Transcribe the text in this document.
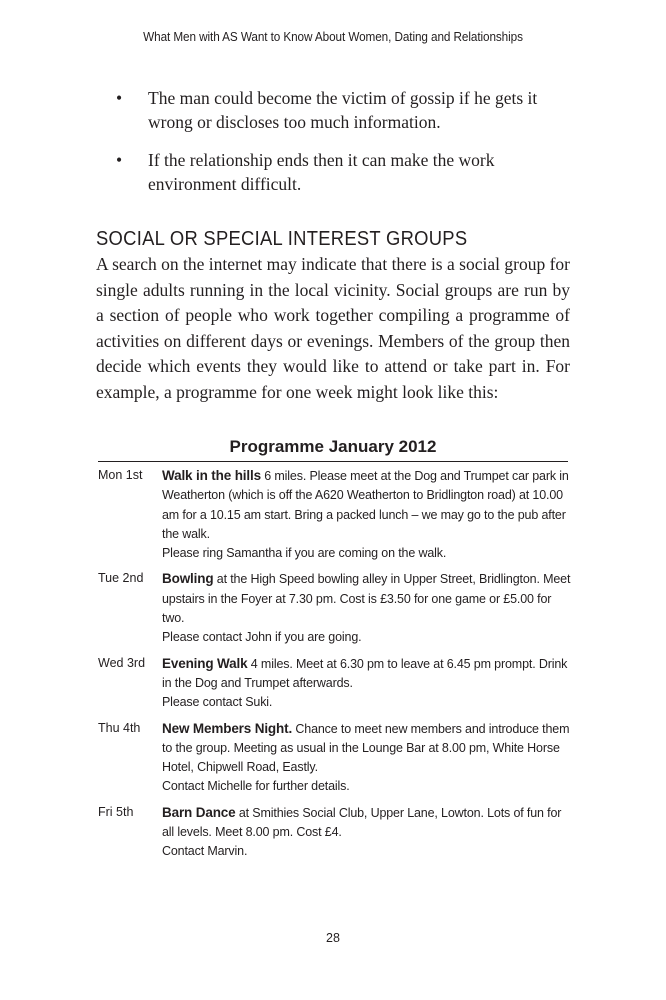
What Men with AS Want to Know About Women, Dating and Relationships
• The man could become the victim of gossip if he gets it wrong or discloses too much information.
• If the relationship ends then it can make the work environment difficult.
SOCIAL OR SPECIAL INTEREST GROUPS

A search on the internet may indicate that there is a social group for single adults running in the local vicinity. Social groups are run by a section of people who work together compiling a programme of activities on different days or evenings. Members of the group then decide which events they would like to attend or take part in. For example, a programme for one week might look like this:

Programme January 2012
Mon 1st	Walk in the hills 6 miles. Please meet at the Dog and Trumpet car park in Weatherton (which is off the A620 Weatherton to Bridlington road) at 10.00 am for a 10.15 am start. Bring a packed lunch – we may go to the pub after the walk.
Please ring Samantha if you are coming on the walk.
Tue 2nd	Bowling at the High Speed bowling alley in Upper Street, Bridlington. Meet upstairs in the Foyer at 7.30 pm. Cost is £3.50 for one game or £5.00 for two.
Please contact John if you are going.
Wed 3rd	Evening Walk 4 miles. Meet at 6.30 pm to leave at 6.45 pm prompt. Drink in the Dog and Trumpet afterwards.
Please contact Suki.
Thu 4th	New Members Night. Chance to meet new members and introduce them to the group. Meeting as usual in the Lounge Bar at 8.00 pm, White Horse Hotel, Chipwell Road, Eastly.
Contact Michelle for further details.
Fri 5th	Barn Dance at Smithies Social Club, Upper Lane, Lowton. Lots of fun for all levels. Meet 8.00 pm. Cost £4.
Contact Marvin.
28
